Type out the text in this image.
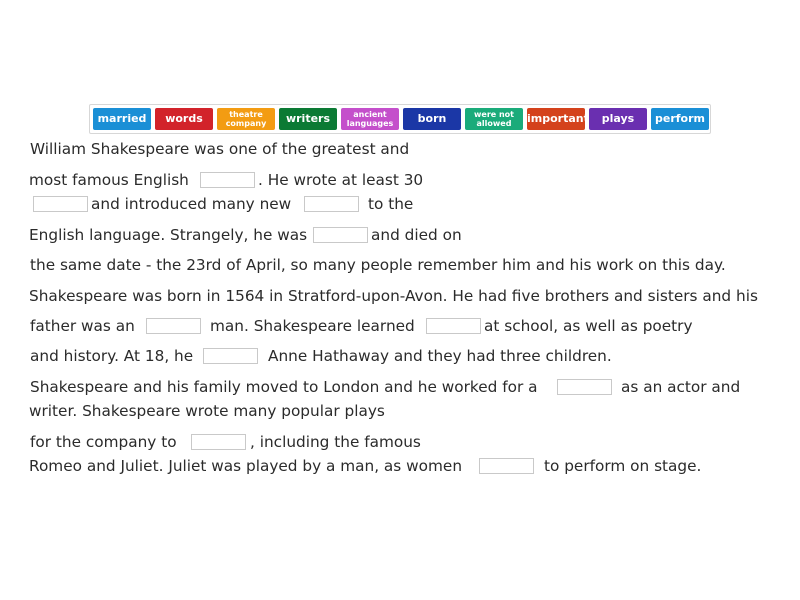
married	words	theatre company	writers	ancient languages	born	were not allowed	important	plays	perform
William Shakespeare was one of the greatest and
most famous English	. He wrote at least 30
and introduced many new	to the
English language. Strangely, he was	and died on
the same date - the 23rd of April, so many people remember him and his work on this day.
Shakespeare was born in 1564 in Stratford-upon-Avon. He had five brothers and sisters and his
father was an	man. Shakespeare learned	at school, as well as poetry
and history. At 18, he	Anne Hathaway and they had three children.
Shakespeare and his family moved to London and he worked for a	as an actor and
writer. Shakespeare wrote many popular plays
for the company to	, including the famous
Romeo and Juliet. Juliet was played by a man, as women	to perform on stage.
